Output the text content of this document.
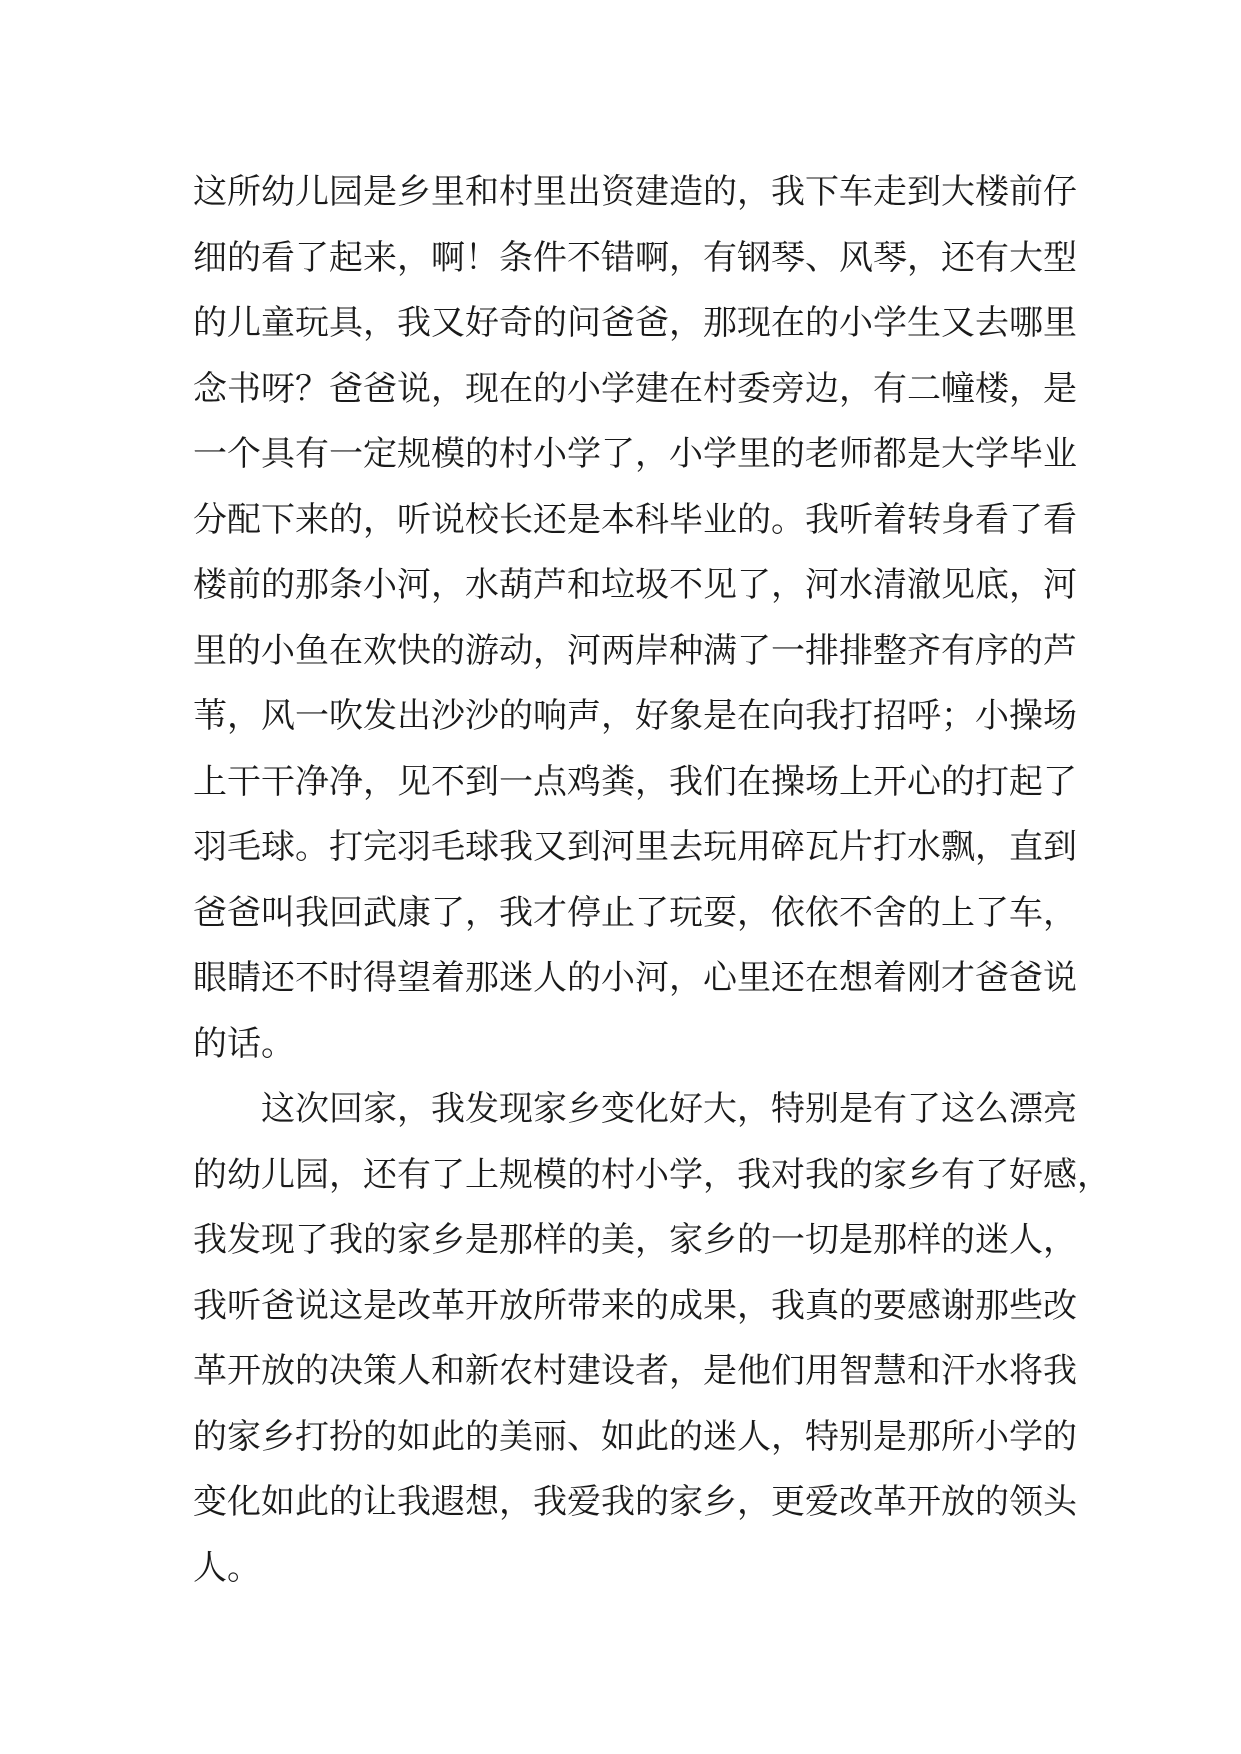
这所幼儿园是乡里和村里出资建造的，我下车走到大楼前仔
细的看了起来，啊！条件不错啊，有钢琴、风琴，还有大型
的儿童玩具，我又好奇的问爸爸，那现在的小学生又去哪里
念书呀？爸爸说，现在的小学建在村委旁边，有二幢楼，是
一个具有一定规模的村小学了，小学里的老师都是大学毕业
分配下来的，听说校长还是本科毕业的。我听着转身看了看
楼前的那条小河，水葫芦和垃圾不见了，河水清澈见底，河
里的小鱼在欢快的游动，河两岸种满了一排排整齐有序的芦
苇，风一吹发出沙沙的响声，好象是在向我打招呼；小操场
上干干净净，见不到一点鸡粪，我们在操场上开心的打起了
羽毛球。打完羽毛球我又到河里去玩用碎瓦片打水飘，直到
爸爸叫我回武康了，我才停止了玩耍，依依不舍的上了车，
眼睛还不时得望着那迷人的小河，心里还在想着刚才爸爸说
的话。
这次回家，我发现家乡变化好大，特别是有了这么漂亮
的幼儿园，还有了上规模的村小学，我对我的家乡有了好感，
我发现了我的家乡是那样的美，家乡的一切是那样的迷人，
我听爸说这是改革开放所带来的成果，我真的要感谢那些改
革开放的决策人和新农村建设者，是他们用智慧和汗水将我
的家乡打扮的如此的美丽、如此的迷人，特别是那所小学的
变化如此的让我遐想，我爱我的家乡，更爱改革开放的领头
人。
